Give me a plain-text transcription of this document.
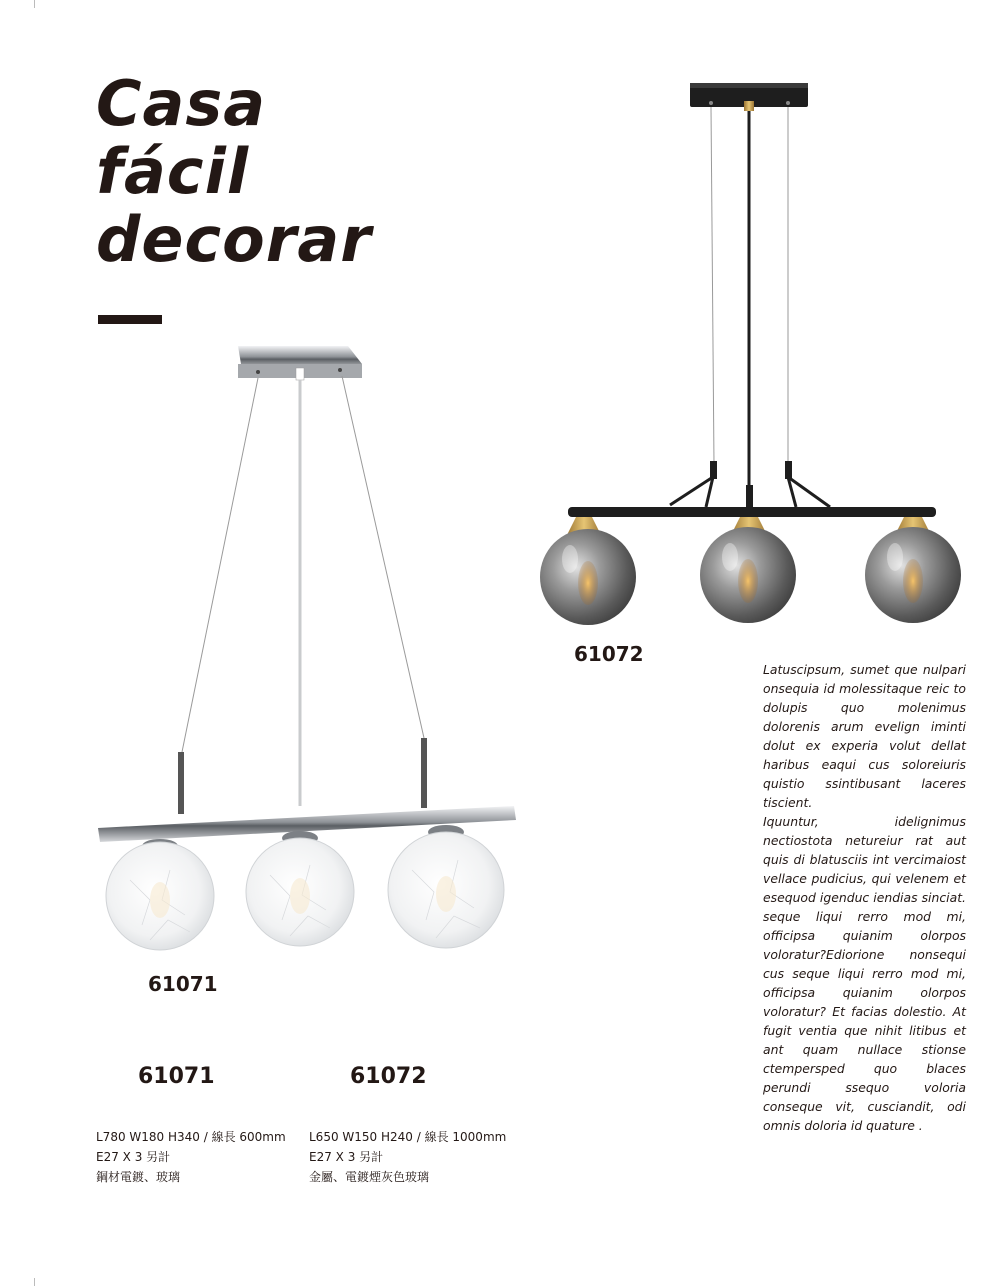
Casa
fácil
decorar
61072
61071
61071	61072
L780 W180 H340 / 線長 600mm
E27 X 3 另計
鋼材電鍍、玻璃
L650 W150 H240 / 線長 1000mm
E27 X 3 另計
金屬、電鍍煙灰色玻璃

Latuscipsum, sumet que nulpari onsequia id molessitaque reic to dolupis quo molenimus dolorenis arum evelign iminti dolut ex experia volut dellat haribus eaqui cus soloreiuris quistio ssintibusant laceres tiscient.

Iquuntur, idelignimus nectiostota netureiur rat aut quis di blatusciis int vercimaiost vellace pudicius, qui velenem et esequod igenduc iendias sinciat. seque liqui rerro mod mi, officipsa quianim olorpos voloratur?Ediorione nonsequi cus seque liqui rerro mod mi, officipsa quianim olorpos voloratur? Et facias dolestio. At fugit ventia que nihit litibus et ant quam nullace stionse ctempersped quo blaces perundi ssequo voloria conseque vit, cusciandit, odi omnis doloria id quature .
